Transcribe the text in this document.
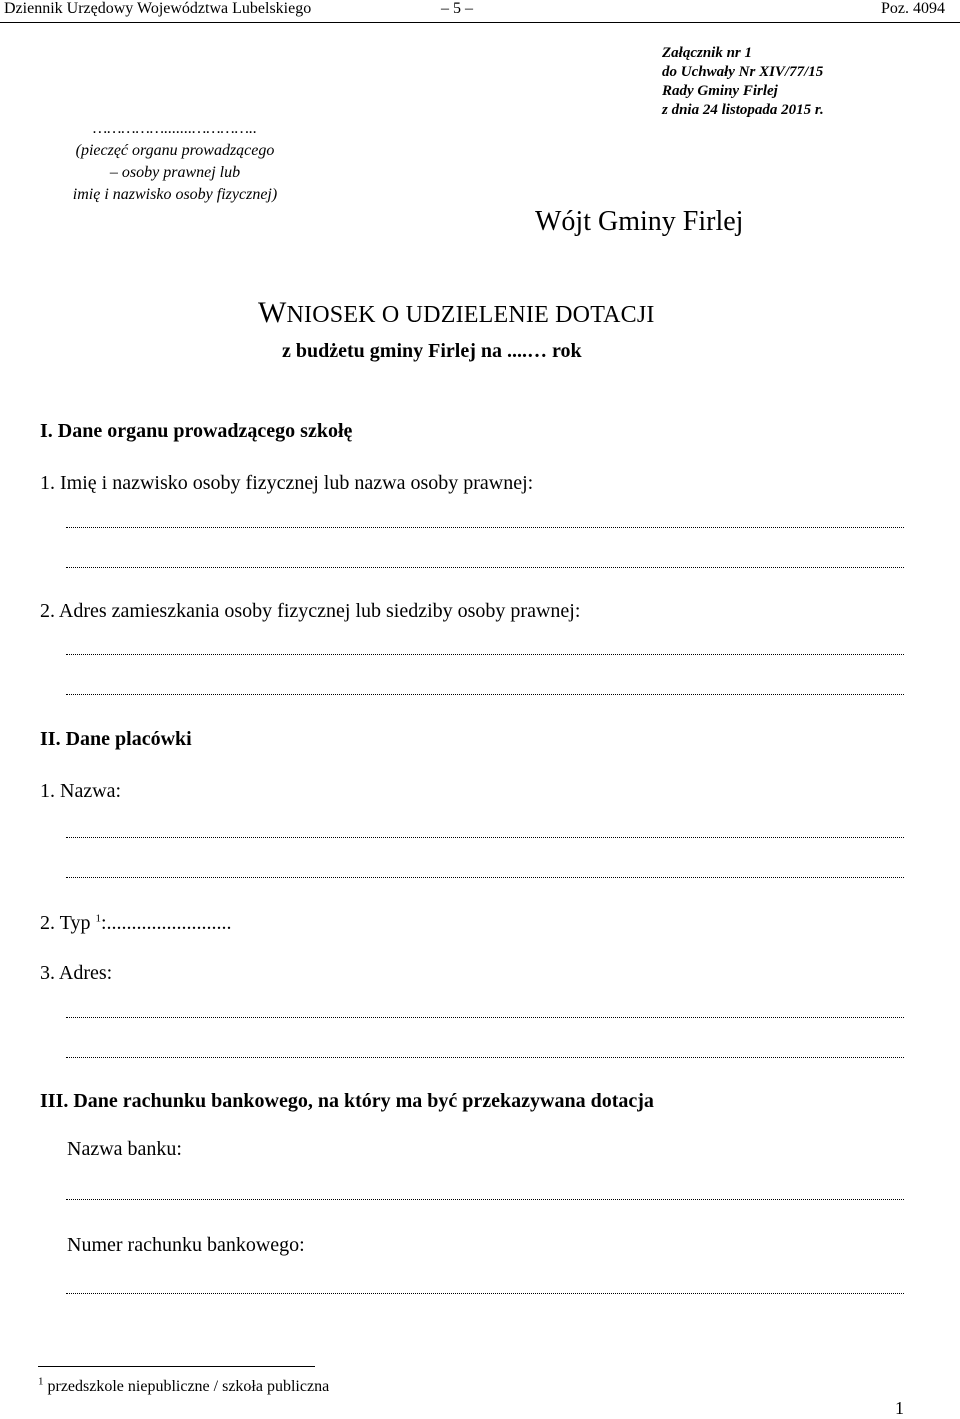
Dziennik Urzędowy Województwa Lubelskiego	– 5 –	Poz. 4094
Załącznik nr 1
do Uchwały Nr XIV/77/15
Rady Gminy Firlej
z dnia 24 listopada 2015 r.
…………….......…………..
(pieczęć organu prowadzącego
– osoby prawnej lub
imię i nazwisko osoby fizycznej)
Wójt Gminy Firlej
WNIOSEK O UDZIELENIE DOTACJI
z budżetu gminy Firlej na ....… rok
I. Dane organu prowadzącego szkołę
1. Imię i nazwisko osoby fizycznej lub nazwa osoby prawnej:
2. Adres zamieszkania osoby fizycznej lub siedziby osoby prawnej:
II. Dane placówki
1. Nazwa:
2. Typ $^1$:.........................
3. Adres:
III. Dane rachunku bankowego, na który ma być przekazywana dotacja
Nazwa banku:
Numer rachunku bankowego:
$^1$ przedszkole niepubliczne / szkoła publiczna
1
